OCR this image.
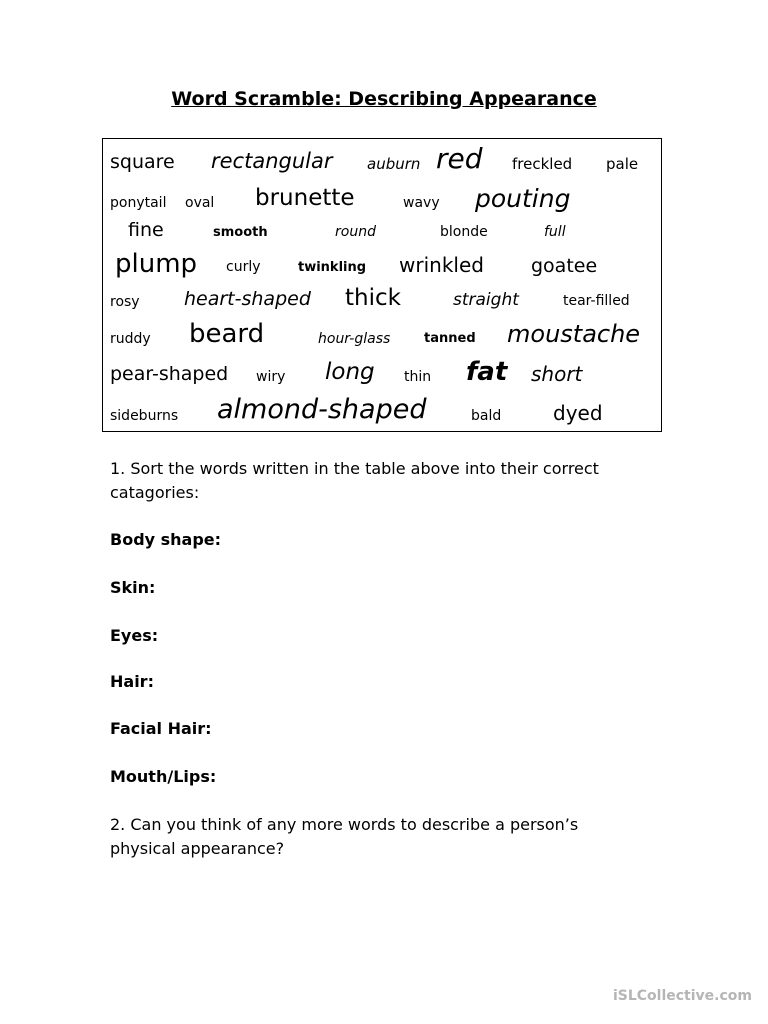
Word Scramble: Describing Appearance
square rectangular auburn red freckled pale
ponytail oval brunette	wavy pouting
fine	smooth	round	blonde	full
plump curly	twinkling wrinkled goatee
rosy heart-shaped thick	straight	tear-filled
ruddy beard	hour-glass	tanned moustache
pear-shaped wiry long thin fat short
sideburns almond-shaped	bald	dyed
1. Sort the words written in the table above into their correct catagories:
Body shape:
Skin:
Eyes:
Hair:
Facial Hair:
Mouth/Lips:
2. Can you think of any more words to describe a person’s physical appearance?
iSLCollective.com
